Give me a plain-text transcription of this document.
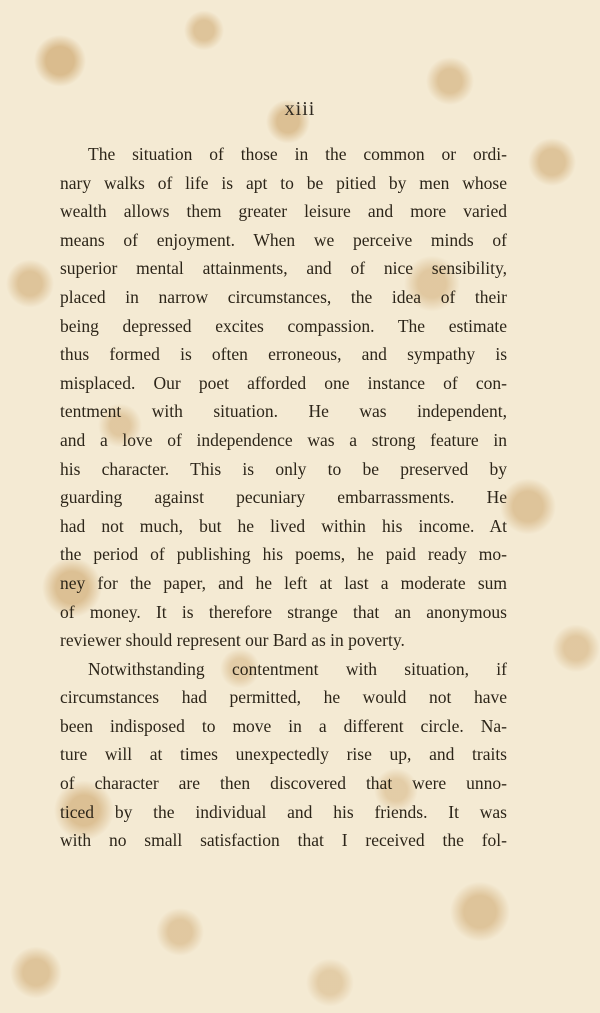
xiii
The situation of those in the common or ordi-
nary walks of life is apt to be pitied by men whose
wealth allows them greater leisure and more varied
means of enjoyment. When we perceive minds of
superior mental attainments, and of nice sensibility,
placed in narrow circumstances, the idea of their
being depressed excites compassion. The estimate
thus formed is often erroneous, and sympathy is
misplaced. Our poet afforded one instance of con-
tentment with situation. He was independent,
and a love of independence was a strong feature in
his character. This is only to be preserved by
guarding against pecuniary embarrassments. He
had not much, but he lived within his income. At
the period of publishing his poems, he paid ready mo-
ney for the paper, and he left at last a moderate sum
of money. It is therefore strange that an anonymous
reviewer should represent our Bard as in poverty.
Notwithstanding contentment with situation, if
circumstances had permitted, he would not have
been indisposed to move in a different circle. Na-
ture will at times unexpectedly rise up, and traits
of character are then discovered that were unno-
ticed by the individual and his friends. It was
with no small satisfaction that I received the fol-
